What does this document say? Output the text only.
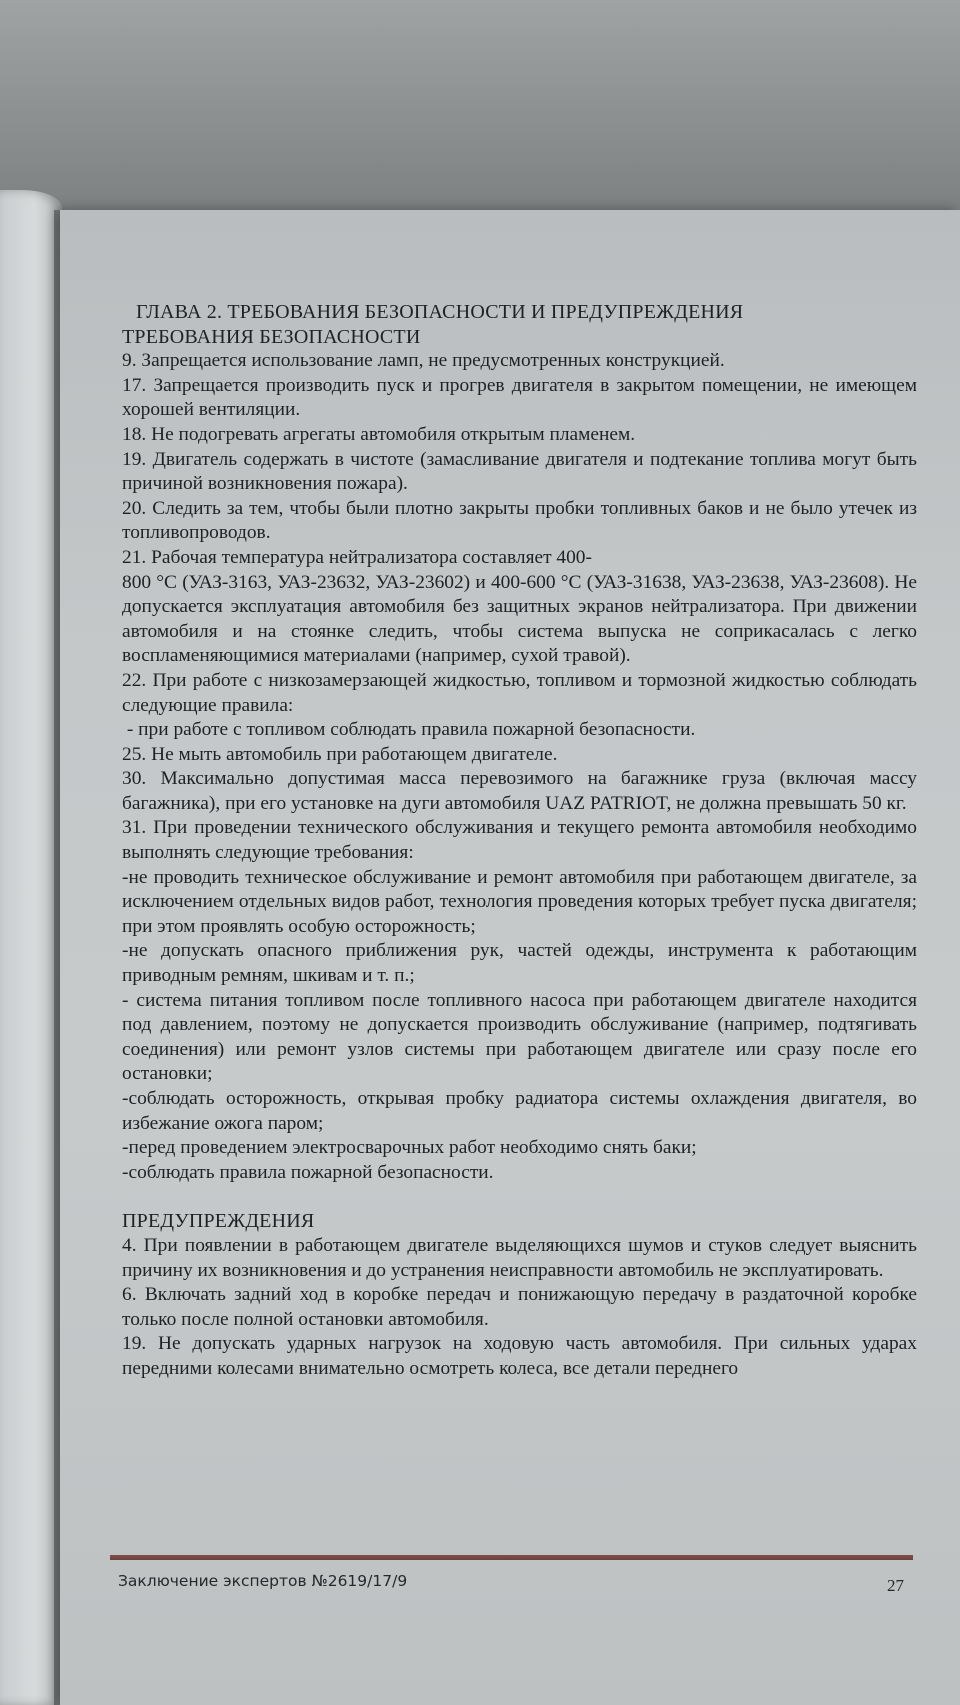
ГЛАВА 2. ТРЕБОВАНИЯ БЕЗОПАСНОСТИ И ПРЕДУПРЕЖДЕНИЯ

ТРЕБОВАНИЯ БЕЗОПАСНОСТИ

9. Запрещается использование ламп, не предусмотренных конструкцией.

17. Запрещается производить пуск и прогрев двигателя в закрытом помещении, не имеющем хорошей вентиляции.

18. Не подогревать агрегаты автомобиля открытым пламенем.

19. Двигатель содержать в чистоте (замасливание двигателя и подтекание топлива могут быть причиной возникновения пожара).

20. Следить за тем, чтобы были плотно закрыты пробки топливных баков и не было утечек из топливопроводов.

21. Рабочая температура нейтрализатора составляет 400-

800 °С (УАЗ-3163, УАЗ-23632, УАЗ-23602) и 400-600 °С (УАЗ-31638, УАЗ-23638, УАЗ-23608). Не допускается эксплуатация автомобиля без защитных экранов нейтрализатора. При движении автомобиля и на стоянке следить, чтобы система выпуска не соприкасалась с легко воспламеняющимися материалами (например, сухой травой).

22. При работе с низкозамерзающей жидкостью, топливом и тормозной жидкостью соблюдать следующие правила:

- при работе с топливом соблюдать правила пожарной безопасности.

25. Не мыть автомобиль при работающем двигателе.

30. Максимально допустимая масса перевозимого на багажнике груза (включая массу багажника), при его установке на дуги автомобиля UAZ PATRIOT, не должна превышать 50 кг.

31. При проведении технического обслуживания и текущего ремонта автомобиля необходимо выполнять следующие требования:

-не проводить техническое обслуживание и ремонт автомобиля при работающем двигателе, за исключением отдельных видов работ, технология проведения которых требует пуска двигателя; при этом проявлять особую осторожность;

-не допускать опасного приближения рук, частей одежды, инструмента к работающим приводным ремням, шкивам и т. п.;

- система питания топливом после топливного насоса при работающем двигателе находится под давлением, поэтому не допускается производить обслуживание (например, подтягивать соединения) или ремонт узлов системы при работающем двигателе или сразу после его остановки;

-соблюдать осторожность, открывая пробку радиатора системы охлаждения двигателя, во избежание ожога паром;

-перед проведением электросварочных работ необходимо снять баки;

-соблюдать правила пожарной безопасности.

ПРЕДУПРЕЖДЕНИЯ

4. При появлении в работающем двигателе выделяющихся шумов и стуков следует выяснить причину их возникновения и до устранения неисправности автомобиль не эксплуатировать.

6. Включать задний ход в коробке передач и понижающую передачу в раздаточной коробке только после полной остановки автомобиля.

19. Не допускать ударных нагрузок на ходовую часть автомобиля. При сильных ударах передними колесами внимательно осмотреть колеса, все детали переднего

Заключение экспертов №2619/17/9	27
